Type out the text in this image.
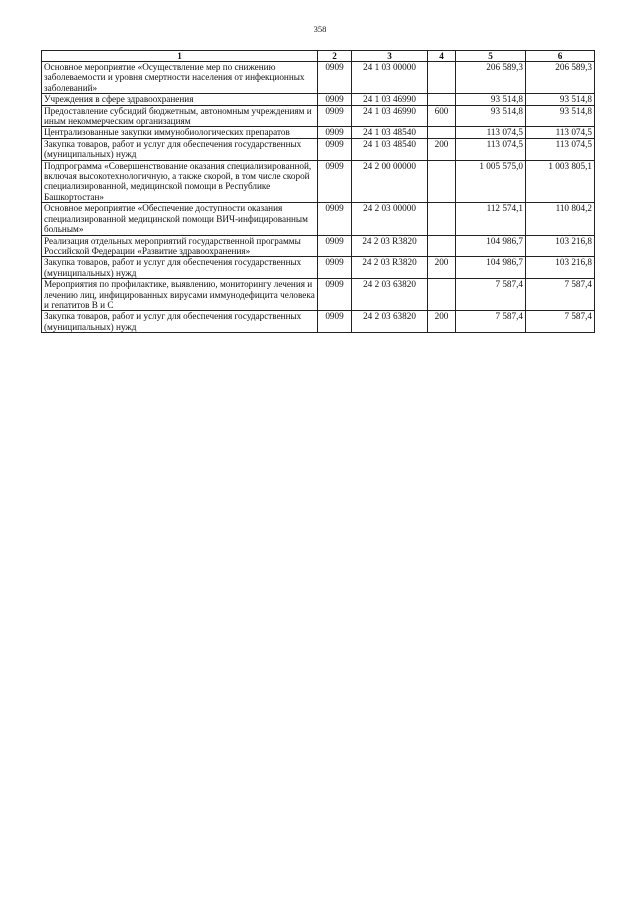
358
1	2	3	4	5	6
Основное мероприятие «Осуществление мер по снижению заболеваемости и уровня смертности населения от инфекционных заболеваний»	0909	24 1 03 00000		206 589,3	206 589,3
Учреждения в сфере здравоохранения	0909	24 1 03 46990		93 514,8	93 514,8
Предоставление субсидий бюджетным, автономным учреждениям и иным некоммерческим организациям	0909	24 1 03 46990	600	93 514,8	93 514,8
Централизованные закупки иммунобиологических препаратов	0909	24 1 03 48540		113 074,5	113 074,5
Закупка товаров, работ и услуг для обеспечения государственных (муниципальных) нужд	0909	24 1 03 48540	200	113 074,5	113 074,5
Подпрограмма «Совершенствование оказания специализированной, включая высокотехнологичную, а также скорой, в том числе скорой специализированной, медицинской помощи в Республике Башкортостан»	0909	24 2 00 00000		1 005 575,0	1 003 805,1
Основное мероприятие «Обеспечение доступности оказания специализированной медицинской помощи ВИЧ-инфицированным больным»	0909	24 2 03 00000		112 574,1	110 804,2
Реализация отдельных мероприятий государственной программы Российской Федерации «Развитие здравоохранения»	0909	24 2 03 R3820		104 986,7	103 216,8
Закупка товаров, работ и услуг для обеспечения государственных (муниципальных) нужд	0909	24 2 03 R3820	200	104 986,7	103 216,8
Мероприятия по профилактике, выявлению, мониторингу лечения и лечению лиц, инфицированных вирусами иммунодефицита человека и гепатитов В и С	0909	24 2 03 63820		7 587,4	7 587,4
Закупка товаров, работ и услуг для обеспечения государственных (муниципальных) нужд	0909	24 2 03 63820	200	7 587,4	7 587,4
